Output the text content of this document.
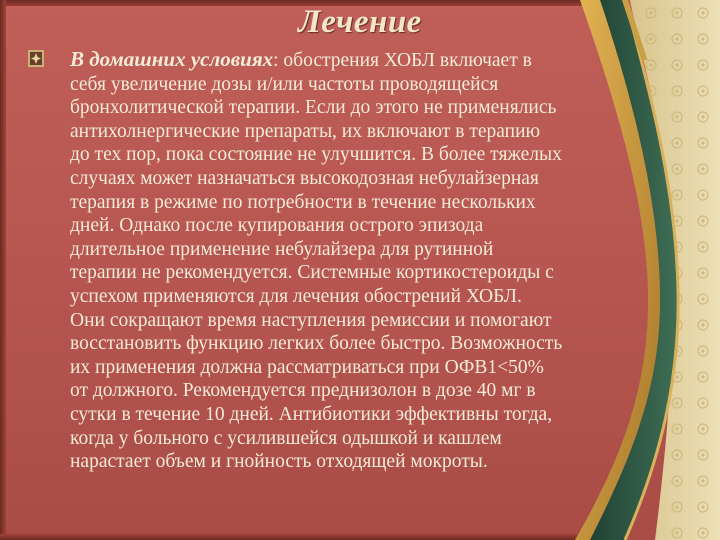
Лечение
В домашних условиях: обострения ХОБЛ включает в
себя увеличение дозы и/или частоты проводящейся
бронхолитической терапии. Если до этого не применялись
антихолнергические препараты, их включают в терапию
до тех пор, пока состояние не улучшится. В более тяжелых
случаях может назначаться высокодозная небулайзерная
терапия в режиме по потребности в течение нескольких
дней. Однако после купирования острого эпизода
длительное применение небулайзера для рутинной
терапии не рекомендуется. Системные кортикостероиды с
успехом применяются для лечения обострений ХОБЛ.
Они сокращают время наступления ремиссии и помогают
восстановить функцию легких более быстро. Возможность
их применения должна рассматриваться при ОФВ1<50%
от должного. Рекомендуется преднизолон в дозе 40 мг в
сутки в течение 10 дней. Антибиотики эффективны тогда,
когда у больного с усилившейся одышкой и кашлем
нарастает объем и гнойность отходящей мокроты.
